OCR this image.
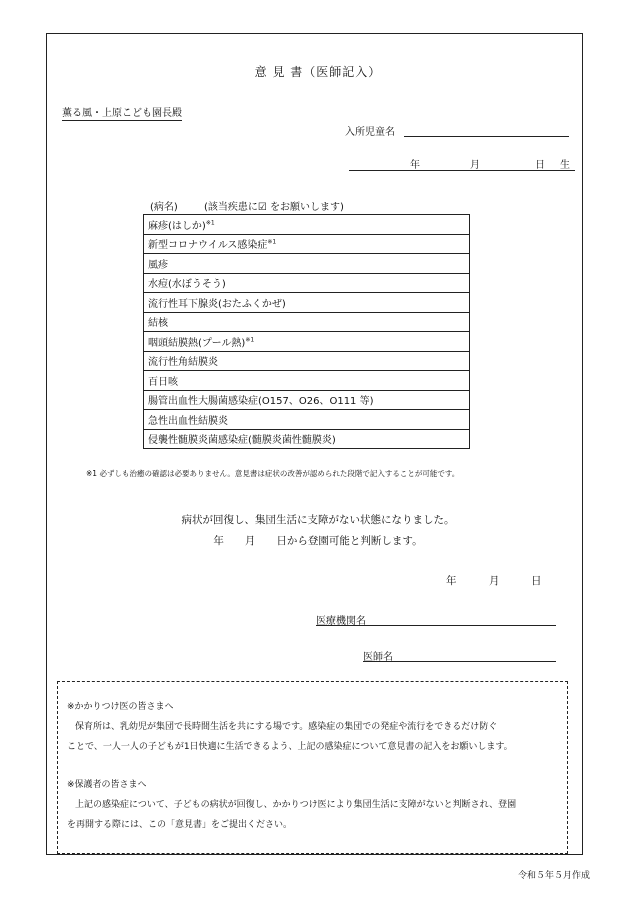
意 見 書（医師記入）
薫る風・上原こども園長殿
入所児童名
年	月	日 生
(病名)	(該当疾患に☑ をお願いします)
麻疹(はしか)$^{※1}$
新型コロナウイルス感染症$^{※1}$
風疹
水痘(水ぼうそう)
流行性耳下腺炎(おたふくかぜ)
結核
咽頭結膜熱(プール熱)$^{※1}$
流行性角結膜炎
百日咳
腸管出血性大腸菌感染症(O157、O26、O111 等)
急性出血性結膜炎
侵襲性髄膜炎菌感染症(髄膜炎菌性髄膜炎)
※1 必ずしも治癒の確認は必要ありません。意見書は症状の改善が認められた段階で記入することが可能です。
病状が回復し、集団生活に支障がない状態になりました。
年　　月　　日から登園可能と判断します。
年	月	日
医療機関名
医師名
※かかりつけ医の皆さまへ
保育所は、乳幼児が集団で長時間生活を共にする場です。感染症の集団での発症や流行をできるだけ防ぐ
ことで、一人一人の子どもが1日快適に生活できるよう、上記の感染症について意見書の記入をお願いします。
※保護者の皆さまへ
上記の感染症について、子どもの病状が回復し、かかりつけ医により集団生活に支障がないと判断され、登園
を再開する際には、この「意見書」をご提出ください。
令和５年５月作成
